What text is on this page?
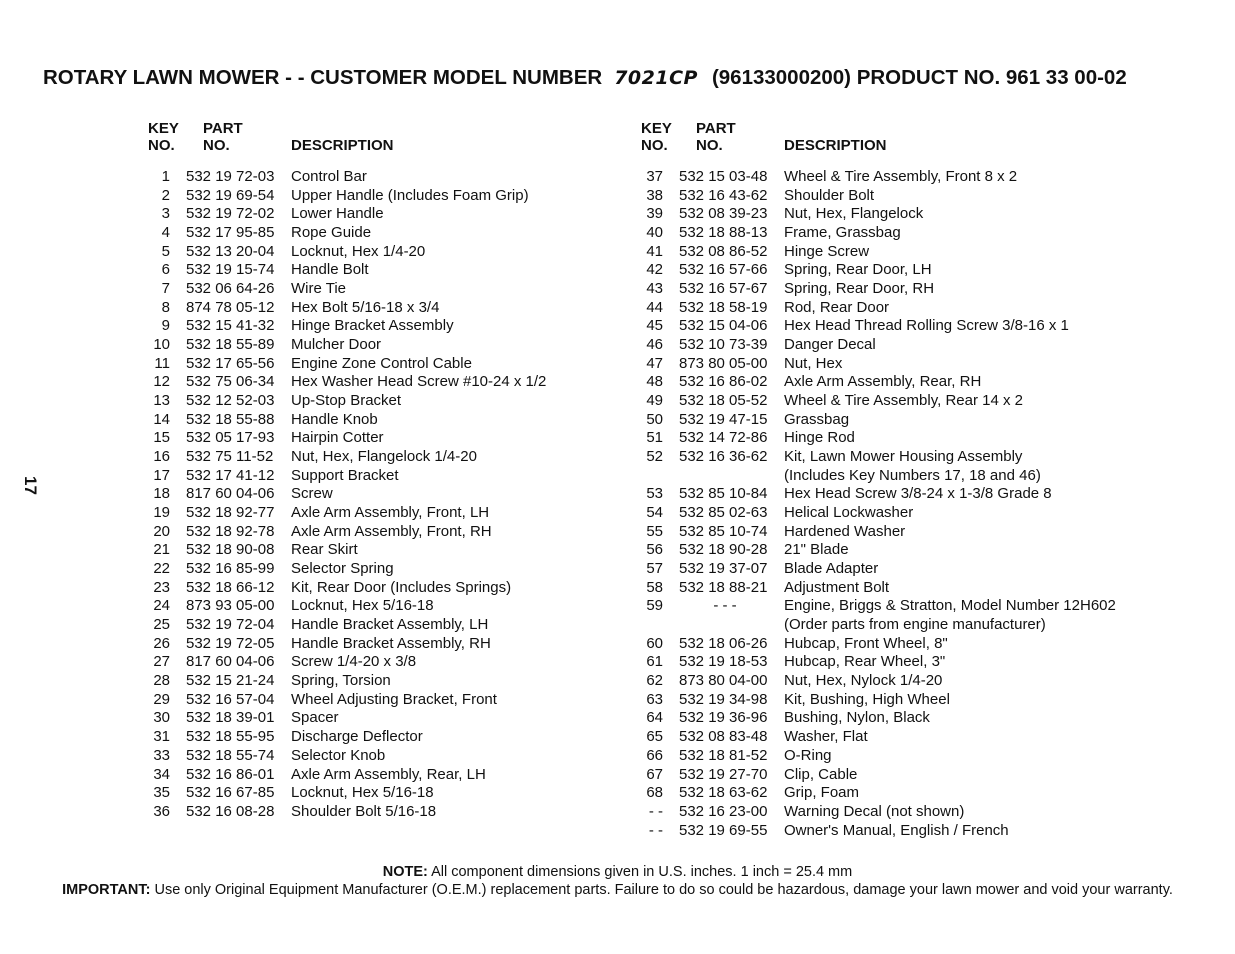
ROTARY LAWN MOWER - - CUSTOMER MODEL NUMBER 7021CP (96133000200) PRODUCT NO. 961 33 00-02
17
KEY
NO.
PART
NO.	DESCRIPTION
1 532 19 72-03 Control Bar
2 532 19 69-54 Upper Handle (Includes Foam Grip)
3 532 19 72-02 Lower Handle
4 532 17 95-85 Rope Guide
5 532 13 20-04 Locknut, Hex 1/4-20
6 532 19 15-74 Handle Bolt
7 532 06 64-26 Wire Tie
8 874 78 05-12 Hex Bolt 5/16-18 x 3/4
9 532 15 41-32 Hinge Bracket Assembly
10 532 18 55-89 Mulcher Door
11 532 17 65-56 Engine Zone Control Cable
12 532 75 06-34 Hex Washer Head Screw #10-24 x 1/2
13 532 12 52-03 Up-Stop Bracket
14 532 18 55-88 Handle Knob
15 532 05 17-93 Hairpin Cotter
16 532 75 11-52	Nut, Hex, Flangelock 1/4-20
17 532 17 41-12 Support Bracket
18 817 60 04-06 Screw
19 532 18 92-77 Axle Arm Assembly, Front, LH
20 532 18 92-78 Axle Arm Assembly, Front, RH
21 532 18 90-08 Rear Skirt
22 532 16 85-99 Selector Spring
23 532 18 66-12 Kit, Rear Door (Includes Springs)
24 873 93 05-00 Locknut, Hex 5/16-18
25 532 19 72-04 Handle Bracket Assembly, LH
26 532 19 72-05 Handle Bracket Assembly, RH
27 817 60 04-06 Screw 1/4-20 x 3/8
28 532 15 21-24 Spring, Torsion
29 532 16 57-04 Wheel Adjusting Bracket, Front
30 532 18 39-01 Spacer
31 532 18 55-95 Discharge Deflector
33 532 18 55-74 Selector Knob
34 532 16 86-01 Axle Arm Assembly, Rear, LH
35 532 16 67-85 Locknut, Hex 5/16-18
36 532 16 08-28 Shoulder Bolt 5/16-18
KEY
NO.
PART
NO.	DESCRIPTION
37 532 15 03-48 Wheel & Tire Assembly, Front 8 x 2
38 532 16 43-62 Shoulder Bolt
39 532 08 39-23 Nut, Hex, Flangelock
40 532 18 88-13 Frame, Grassbag
41 532 08 86-52 Hinge Screw
42 532 16 57-66 Spring, Rear Door, LH
43 532 16 57-67 Spring, Rear Door, RH
44 532 18 58-19 Rod, Rear Door
45 532 15 04-06 Hex Head Thread Rolling Screw 3/8-16 x 1
46 532 10 73-39 Danger Decal
47 873 80 05-00 Nut, Hex
48 532 16 86-02 Axle Arm Assembly, Rear, RH
49 532 18 05-52 Wheel & Tire Assembly, Rear 14 x 2
50 532 19 47-15 Grassbag
51 532 14 72-86 Hinge Rod
52 532 16 36-62 Kit, Lawn Mower Housing Assembly
(Includes Key Numbers 17, 18 and 46)
53 532 85 10-84 Hex Head Screw 3/8-24 x 1-3/8 Grade 8
54 532 85 02-63 Helical Lockwasher
55 532 85 10-74 Hardened Washer
56 532 18 90-28 21" Blade
57 532 19 37-07 Blade Adapter
58 532 18 88-21 Adjustment Bolt
59	- - -	Engine, Briggs & Stratton, Model Number 12H602
(Order parts from engine manufacturer)
60 532 18 06-26 Hubcap, Front Wheel, 8"
61 532 19 18-53 Hubcap, Rear Wheel, 3"
62 873 80 04-00 Nut, Hex, Nylock 1/4-20
63 532 19 34-98 Kit, Bushing, High Wheel
64 532 19 36-96 Bushing, Nylon, Black
65 532 08 83-48 Washer, Flat
66 532 18 81-52 O-Ring
67 532 19 27-70 Clip, Cable
68 532 18 63-62 Grip, Foam
- - 532 16 23-00 Warning Decal (not shown)
- - 532 19 69-55 Owner's Manual, English / French
NOTE: All component dimensions given in U.S. inches. 1 inch = 25.4 mm
IMPORTANT: Use only Original Equipment Manufacturer (O.E.M.) replacement parts. Failure to do so could be hazardous, damage your lawn mower and void your warranty.
